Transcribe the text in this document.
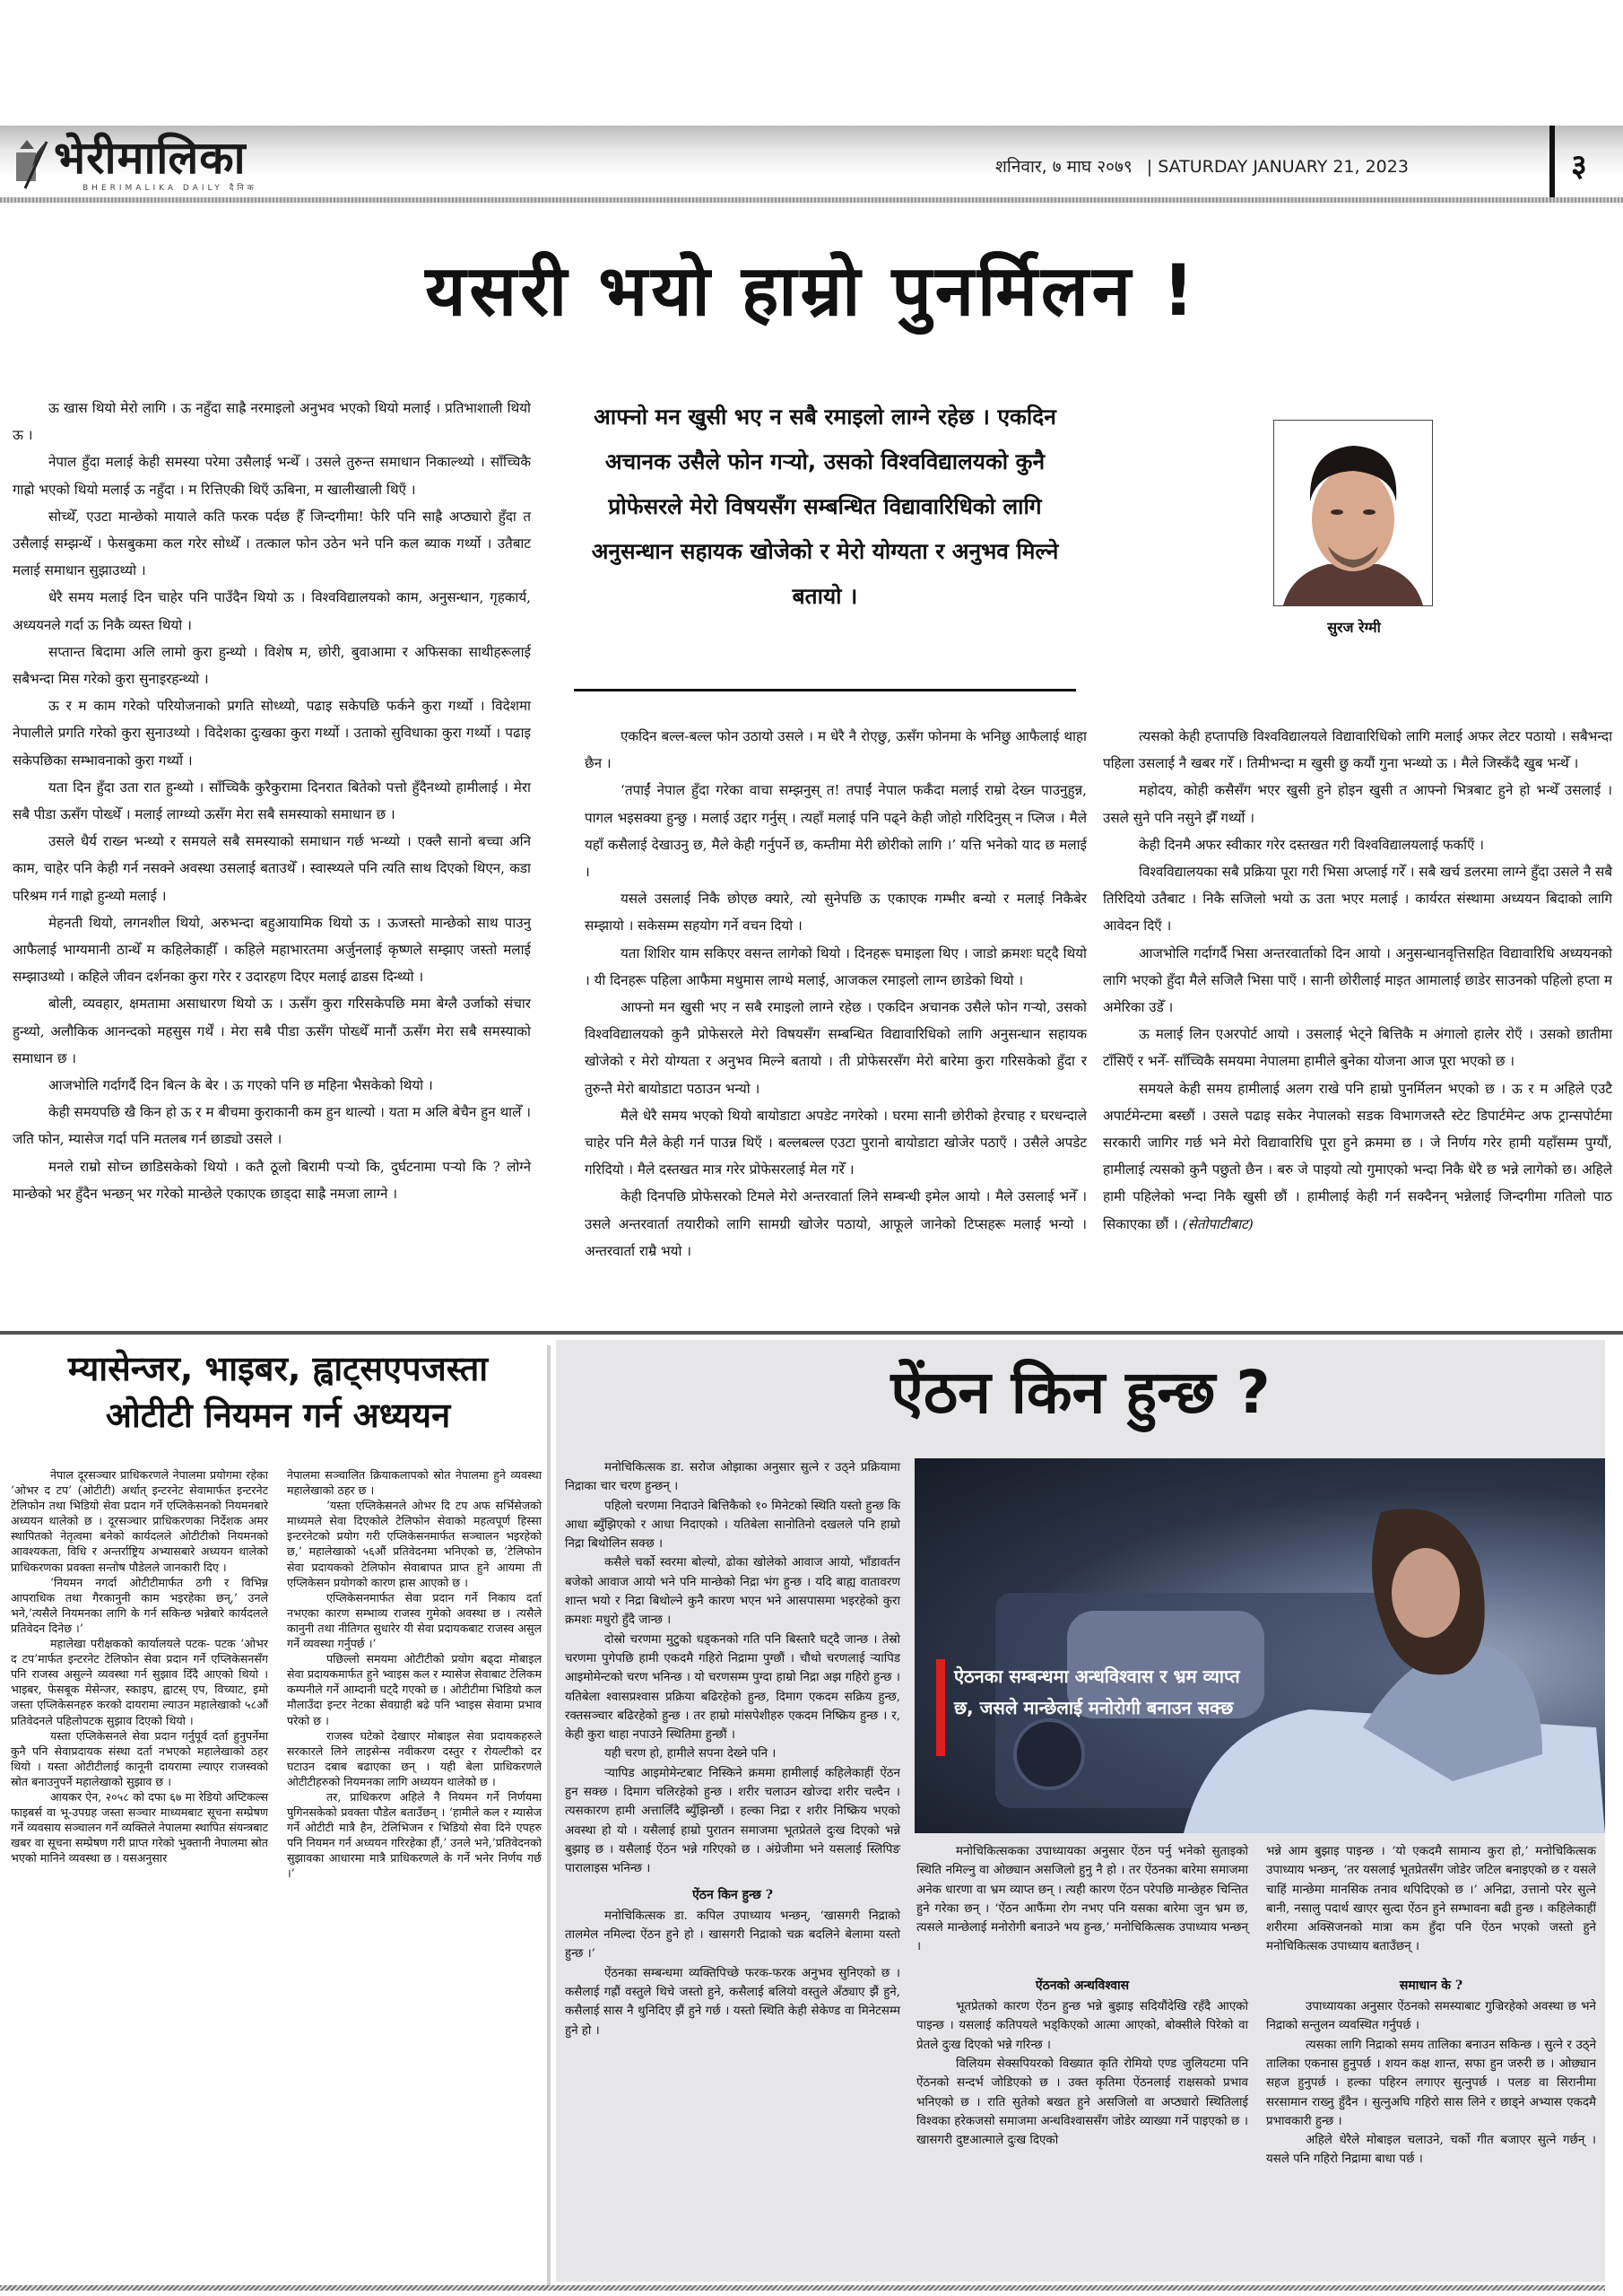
भेरीमालिका
BHERIMALIKA DAILY दैनिक
शनिवार, ७ माघ २०७९ | SATURDAY JANUARY 21, 2023	३
यसरी भयो हाम्रो पुनर्मिलन !

ऊ खास थियो मेरो लागि । ऊ नहुँदा साह्रै नरमाइलो अनुभव भएको थियो मलाई । प्रतिभाशाली थियो ऊ ।

नेपाल हुँदा मलाई केही समस्या परेमा उसैलाई भन्थेँ । उसले तुरुन्त समाधान निकाल्थ्यो । साँच्चिकै गाह्रो भएको थियो मलाई ऊ नहुँदा । म रित्तिएकी थिएँ ऊबिना, म खालीखाली थिएँ ।

सोच्थेँ, एउटा मान्छेको मायाले कति फरक पर्दछ हैँ जिन्दगीमा! फेरि पनि साह्रै अप्ठ्यारो हुँदा त उसैलाई सम्झन्थेँ । फेसबुकमा कल गरेर सोध्थेँ । तत्काल फोन उठेन भने पनि कल ब्याक गर्थ्यो । उतैबाट मलाई समाधान सुझाउथ्यो ।

धेरै समय मलाई दिन चाहेर पनि पाउँदैन थियो ऊ । विश्वविद्यालयको काम, अनुसन्धान, गृहकार्य, अध्ययनले गर्दा ऊ निकै व्यस्त थियो ।

सप्तान्त बिदामा अलि लामो कुरा हुन्थ्यो । विशेष म, छोरी, बुवाआमा र अफिसका साथीहरूलाई सबैभन्दा मिस गरेको कुरा सुनाइरहन्थ्यो ।

ऊ र म काम गरेको परियोजनाको प्रगति सोध्थ्यो, पढाइ सकेपछि फर्कने कुरा गर्थ्यो । विदेशमा नेपालीले प्रगति गरेको कुरा सुनाउथ्यो । विदेशका दुःखका कुरा गर्थ्यो । उताको सुविधाका कुरा गर्थ्यो । पढाइ सकेपछिका सम्भावनाको कुरा गर्थ्यो ।

यता दिन हुँदा उता रात हुन्थ्यो । साँच्चिकै कुरैकुरामा दिनरात बितेको पत्तो हुँदैनथ्यो हामीलाई । मेरा सबै पीडा ऊसँग पोख्थेँ । मलाई लाग्थ्यो ऊसँग मेरा सबै समस्याको समाधान छ ।

उसले धैर्य राख्न भन्थ्यो र समयले सबै समस्याको समाधान गर्छ भन्थ्यो । एक्लै सानो बच्चा अनि काम, चाहेर पनि केही गर्न नसक्ने अवस्था उसलाई बताउथेँ । स्वास्थ्यले पनि त्यति साथ दिएको थिएन, कडा परिश्रम गर्न गाह्रो हुन्थ्यो मलाई ।

मेहनती थियो, लगनशील थियो, अरुभन्दा बहुआयामिक थियो ऊ । ऊजस्तो मान्छेको साथ पाउनु आफैलाई भाग्यमानी ठान्थेँ म कहिलेकाहीँ । कहिले महाभारतमा अर्जुनलाई कृष्णले सम्झाए जस्तो मलाई सम्झाउथ्यो । कहिले जीवन दर्शनका कुरा गरेर र उदारहण दिएर मलाई ढाडस दिन्थ्यो ।

बोली, व्यवहार, क्षमतामा असाधारण थियो ऊ । ऊसँग कुरा गरिसकेपछि ममा बेग्लै उर्जाको संचार हुन्थ्यो, अलौकिक आनन्दको महसुस गर्थें । मेरा सबै पीडा ऊसँग पोख्थेँ मानौं ऊसँग मेरा सबै समस्याको समाधान छ ।

आजभोलि गर्दागर्दै दिन बित्न के बेर । ऊ गएको पनि छ महिना भैसकेको थियो ।

केही समयपछि खै किन हो ऊ र म बीचमा कुराकानी कम हुन थाल्यो । यता म अलि बेचैन हुन थालेँ । जति फोन, म्यासेज गर्दा पनि मतलब गर्न छाड्यो उसले ।

मनले राम्रो सोच्न छाडिसकेको थियो । कतै ठूलो बिरामी पर्‍यो कि, दुर्घटनामा पर्‍यो कि ? लोग्ने मान्छेको भर हुँदैन भन्छन् भर गरेको मान्छेले एकाएक छाड्दा साह्रै नमजा लाग्ने ।

आफ्नो मन खुसी भए न सबै रमाइलो लाग्ने रहेछ । एकदिन अचानक उसैले फोन गर्‍यो, उसको विश्वविद्यालयको कुनै प्रोफेसरले मेरो विषयसँग सम्बन्धित विद्यावारिधिको लागि अनुसन्धान सहायक खोजेको र मेरो योग्यता र अनुभव मिल्ने बतायो ।
सुरज रेग्मी

एकदिन बल्ल-बल्ल फोन उठायो उसले । म धेरै नै रोएछु, ऊसँग फोनमा के भनिछु आफैलाई थाहा छैन ।

‘तपाईं नेपाल हुँदा गरेका वाचा सम्झनुस् त! तपाईं नेपाल फर्कँदा मलाई राम्रो देख्न पाउनुहुन्न, पागल भइसक्या हुन्छु । मलाई उद्दार गर्नुस् । त्यहाँ मलाई पनि पढ्ने केही जोहो गरिदिनुस् न प्लिज । मैले यहाँ कसैलाई देखाउनु छ, मैले केही गर्नुपर्ने छ, कम्तीमा मेरी छोरीको लागि ।’ यत्ति भनेको याद छ मलाई ।

यसले उसलाई निकै छोएछ क्यारे, त्यो सुनेपछि ऊ एकाएक गम्भीर बन्यो र मलाई निकैबेर सम्झायो । सकेसम्म सहयोग गर्ने वचन दियो ।

यता शिशिर याम सकिएर वसन्त लागेको थियो । दिनहरू घमाइला थिए । जाडो क्रमशः घट्दै थियो । यी दिनहरू पहिला आफैमा मधुमास लाग्थे मलाई, आजकल रमाइलो लाग्न छाडेको थियो ।

आफ्नो मन खुसी भए न सबै रमाइलो लाग्ने रहेछ । एकदिन अचानक उसैले फोन गर्‍यो, उसको विश्वविद्यालयको कुनै प्रोफेसरले मेरो विषयसँग सम्बन्धित विद्यावारिधिको लागि अनुसन्धान सहायक खोजेको र मेरो योग्यता र अनुभव मिल्ने बतायो । ती प्रोफेसरसँग मेरो बारेमा कुरा गरिसकेको हुँदा र तुरुन्तै मेरो बायोडाटा पठाउन भन्यो ।

मैले धेरै समय भएको थियो बायोडाटा अपडेट नगरेको । घरमा सानी छोरीको हेरचाह र घरधन्दाले चाहेर पनि मैले केही गर्न पाउन्न थिएँ । बल्लबल्ल एउटा पुरानो बायोडाटा खोजेर पठाएँ । उसैले अपडेट गरिदियो । मैले दस्तखत मात्र गरेर प्रोफेसरलाई मेल गरेँ ।

केही दिनपछि प्रोफेसरको टिमले मेरो अन्तरवार्ता लिने सम्बन्धी इमेल आयो । मैले उसलाई भनेँ । उसले अन्तरवार्ता तयारीको लागि सामग्री खोजेर पठायो, आफूले जानेको टिप्सहरू मलाई भन्यो । अन्तरवार्ता राम्रै भयो ।

त्यसको केही हप्तापछि विश्वविद्यालयले विद्यावारिधिको लागि मलाई अफर लेटर पठायो । सबैभन्दा पहिला उसलाई नै खबर गरेँ । तिमीभन्दा म खुसी छु कयौं गुना भन्थ्यो ऊ । मैले जिस्कँदै खुब भन्थेँ ।

महोदय, कोही कसैसँग भएर खुसी हुने होइन खुसी त आफ्नो भित्रबाट हुने हो भन्थेँ उसलाई । उसले सुने पनि नसुने झैँ गर्थ्यो ।

केही दिनमै अफर स्वीकार गरेर दस्तखत गरी विश्वविद्यालयलाई फर्काएँ ।

विश्वविद्यालयका सबै प्रक्रिया पूरा गरी भिसा अप्लाई गरेँ । सबै खर्च डलरमा लाग्ने हुँदा उसले नै सबै तिरिदियो उतैबाट । निकै सजिलो भयो ऊ उता भएर मलाई । कार्यरत संस्थामा अध्ययन बिदाको लागि आवेदन दिएँ ।

आजभोलि गर्दागर्दै भिसा अन्तरवार्ताको दिन आयो । अनुसन्धानवृत्तिसहित विद्यावारिधि अध्ययनको लागि भएको हुँदा मैले सजिलै भिसा पाएँ । सानी छोरीलाई माइत आमालाई छाडेर साउनको पहिलो हप्ता म अमेरिका उडेँ ।

ऊ मलाई लिन एअरपोर्ट आयो । उसलाई भेट्ने बित्तिकै म अंगालो हालेर रोएँ । उसको छातीमा टाँसिएँ र भनेँ- साँच्चिकै समयमा नेपालमा हामीले बुनेका योजना आज पूरा भएको छ ।

समयले केही समय हामीलाई अलग राखे पनि हाम्रो पुनर्मिलन भएको छ । ऊ र म अहिले एउटै अपार्टमेन्टमा बस्छौं । उसले पढाइ सकेर नेपालको सडक विभागजस्तै स्टेट डिपार्टमेन्ट अफ ट्रान्सपोर्टमा सरकारी जागिर गर्छ भने मेरो विद्यावारिधि पूरा हुने क्रममा छ । जे निर्णय गरेर हामी यहाँसम्म पुग्यौं, हामीलाई त्यसको कुनै पछुतो छैन । बरु जे पाइयो त्यो गुमाएको भन्दा निकै धेरै छ भन्ने लागेको छ। अहिले हामी पहिलेको भन्दा निकै खुसी छौं । हामीलाई केही गर्न सक्दैनन् भन्नेलाई जिन्दगीमा गतिलो पाठ सिकाएका छौं । (सेतोपाटीबाट)

म्यासेन्जर, भाइबर, ह्वाट्सएपजस्ता
ओटीटी नियमन गर्न अध्ययन

नेपाल दूरसञ्चार प्राधिकरणले नेपालमा प्रयोगमा रहेका ‘ओभर द टप’ (ओटीटी) अर्थात् इन्टरनेट सेवामार्फत इन्टरनेट टेलिफोन तथा भिडियो सेवा प्रदान गर्ने एप्लिकेसनको नियमनबारे अध्ययन थालेको छ । दूरसञ्चार प्राधिकरणका निर्देशक अमर स्थापितको नेतृत्वमा बनेको कार्यदलले ओटीटीको नियमनको आवश्यकता, विधि र अन्तर्राष्ट्रिय अभ्यासबारे अध्ययन थालेको प्राधिकरणका प्रवक्ता सन्तोष पौडेलले जानकारी दिए ।

‘नियमन नगर्दा ओटीटीमार्फत ठगी र विभिन्न आपराधिक तथा गैरकानुनी काम भइरहेका छन्,’ उनले भने,’त्यसैले नियमनका लागि के गर्न सकिन्छ भन्नेबारे कार्यदलले प्रतिवेदन दिनेछ ।’

महालेखा परीक्षकको कार्यालयले पटक- पटक ‘ओभर द टप’मार्फत इन्टरनेट टेलिफोन सेवा प्रदान गर्ने एप्लिकेसनसँग पनि राजस्व असुल्ने व्यवस्था गर्न सुझाव दिँदै आएको थियो । भाइबर, फेसबूक मेसेन्जर, स्काइप, ह्वाटस् एप, विच्याट, इमो जस्ता एप्लिकेसनहरु करको दायरामा ल्याउन महालेखाको ५८औं प्रतिवेदनले पहिलोपटक सुझाव दिएको थियो ।

यस्ता एप्लिकेसनले सेवा प्रदान गर्नुपूर्व दर्ता हुनुपर्नेमा कुनै पनि सेवाप्रदायक संस्था दर्ता नभएको महालेखाको ठहर थियो । यस्ता ओटीटीलाई कानूनी दायरामा ल्याएर राजस्वको स्रोत बनाउनुपर्ने महालेखाको सुझाव छ ।

आयकर ऐन, २०५८ को दफा ६७ मा रेडियो अप्टिकल्स फाइबर्स वा भू-उपग्रह जस्ता सञ्चार माध्यमबाट सूचना सम्प्रेषण गर्ने व्यवसाय सञ्चालन गर्ने व्यक्तिले नेपालमा स्थापित संयन्त्रबाट खबर वा सूचना सम्प्रेषण गरी प्राप्त गरेको भुक्तानी नेपालमा स्रोत भएको मानिने व्यवस्था छ । यसअनुसार

नेपालमा सञ्चालित क्रियाकलापको स्रोत नेपालमा हुने व्यवस्था महालेखाको ठहर छ ।

‘यस्ता एप्लिकेसनले ओभर दि टप अफ सर्भिसेजको माध्यमले सेवा दिएकोले टेलिफोन सेवाको महत्वपूर्ण हिस्सा इन्टरनेटको प्रयोग गरी एप्लिकेसनमार्फत सञ्चालन भइरहेको छ,’ महालेखाको ५६औं प्रतिवेदनमा भनिएको छ, ‘टेलिफोन सेवा प्रदायकको टेलिफोन सेवाबापत प्राप्त हुने आयमा ती एप्लिकेसन प्रयोगको कारण ह्रास आएको छ ।

एप्लिकेसनमार्फत सेवा प्रदान गर्ने निकाय दर्ता नभएका कारण सम्भाव्य राजस्व गुमेको अवस्था छ । त्यसैले कानुनी तथा नीतिगत सुधारेर यी सेवा प्रदायकबाट राजस्व असुल गर्ने व्यवस्था गर्नुपर्छ ।’

पछिल्लो समयमा ओटीटीको प्रयोग बढ्दा मोबाइल सेवा प्रदायकमार्फत हुने भ्वाइस कल र म्यासेज सेवाबाट टेलिकम कम्पनीले गर्ने आम्दानी घट्दै गएको छ । ओटीटीमा भिडियो कल मौलाउँदा इन्टर नेटका सेवग्राही बढे पनि भ्वाइस सेवामा प्रभाव परेको छ ।

राजस्व घटेको देखाएर मोबाइल सेवा प्रदायकहरुले सरकारले लिने लाइसेन्स नवीकरण दस्तुर र रोयल्टीको दर घटाउन दबाब बढाएका छन् । यही बेला प्राधिकरणले ओटीटीहरुको नियमनका लागि अध्ययन थालेको छ ।

तर, प्राधिकरण अहिले नै नियमन गर्ने निर्णयमा पुगिनसकेको प्रवक्ता पौडेल बताउँछन् । ‘हामीले कल र म्यासेज गर्ने ओटीटी मात्रै हैन, टेलिभिजन र भिडियो सेवा दिने एपहरु पनि नियमन गर्न अध्ययन गरिरहेका हौं,’ उनले भने,’प्रतिवेदनको सुझावका आधारमा मात्रै प्राधिकरणले के गर्ने भनेर निर्णय गर्छ ।’

ऐंठन किन हुन्छ ?

मनोचिकित्सक डा. सरोज ओझाका अनुसार सुत्ने र उठ्ने प्रक्रियामा निद्राका चार चरण हुन्छन् ।

पहिलो चरणमा निदाउने बित्तिकैको १० मिनेटको स्थिति यस्तो हुन्छ कि आधा ब्युँझिएको र आधा निदाएको । यतिबेला सानोतिनो दखलले पनि हाम्रो निद्रा बिथोलिन सक्छ ।

कसैले चर्को स्वरमा बोल्यो, ढोका खोलेको आवाज आयो, भाँडावर्तन बजेको आवाज आयो भने पनि मान्छेको निद्रा भंग हुन्छ । यदि बाह्य वातावरण शान्त भयो र निद्रा बिथोल्ने कुनै कारण भएन भने आसपासमा भइरहेको कुरा क्रमशः मधुरो हुँदै जान्छ ।

दोस्रो चरणमा मुटुको धड्कनको गति पनि बिस्तारै घट्दै जान्छ । तेस्रो चरणमा पुगेपछि हामी एकदमै गहिरो निद्रामा पुग्छौं । चौथो चरणलाई र्‍यापिड आइमोमेन्टको चरण भनिन्छ । यो चरणसम्म पुग्दा हाम्रो निद्रा अझ गहिरो हुन्छ । यतिबेला श्वासप्रश्वास प्रक्रिया बढिरहेको हुन्छ, दिमाग एकदम सक्रिय हुन्छ, रक्तसञ्चार बढिरहेको हुन्छ । तर हाम्रो मांसपेशीहरु एकदम निष्क्रिय हुन्छ । र, केही कुरा थाहा नपाउने स्थितिमा हुन्छौं ।

यही चरण हो, हामीले सपना देख्ने पनि ।

र्‍यापिड आइमोमेन्टबाट निस्किने क्रममा हामीलाई कहिलेकाहीं ऐंठन हुन सक्छ । दिमाग चलिरहेको हुन्छ । शरीर चलाउन खोज्दा शरीर चल्दैन । त्यसकारण हामी अत्तालिँदै ब्युँझिन्छौं । हल्का निद्रा र शरीर निष्क्रिय भएको अवस्था हो यो । यसैलाई हाम्रो पुरातन समाजमा भूतप्रेतले दुःख दिएको भन्ने बुझाइ छ । यसैलाई ऐंठन भन्ने गरिएको छ । अंग्रेजीमा भने यसलाई स्लिपिङ पारालाइस भनिन्छ ।

ऐंठन किन हुन्छ ?

मनोचिकित्सक डा. कपिल उपाध्याय भन्छन्, ‘खासगरी निद्राको तालमेल नमिल्दा ऐंठन हुने हो । खासगरी निद्राको चक्र बदलिने बेलामा यस्तो हुन्छ ।’

ऐंठनका सम्बन्धमा व्यक्तिपिच्छे फरक-फरक अनुभव सुनिएको छ । कसैलाई गह्रौं वस्तुले थिचे जस्तो हुने, कसैलाई बलियो वस्तुले अँठ्याए झैं हुने, कसैलाई सास नै थुनिदिए झैं हुने गर्छ । यस्तो स्थिति केही सेकेण्ड वा मिनेटसम्म हुने हो ।

ऐठनका सम्बन्धमा अन्धविश्वास र भ्रम व्याप्त छ, जसले मान्छेलाई मनोरोगी बनाउन सक्छ

मनोचिकित्सकका उपाध्यायका अनुसार ऐंठन पर्नु भनेको सुताइको स्थिति नमिल्नु वा ओछ्यान असजिलो हुनु नै हो । तर ऐंठनका बारेमा समाजमा अनेक धारणा वा भ्रम व्याप्त छन् । त्यही कारण ऐंठन परेपछि मान्छेहरु चिन्तित हुने गरेका छन् । ‘ऐंठन आफैंमा रोग नभए पनि यसका बारेमा जुन भ्रम छ, त्यसले मान्छेलाई मनोरोगी बनाउने भय हुन्छ,’ मनोचिकित्सक उपाध्याय भन्छन् ।

ऐंठनको अन्धविश्वास

भूतप्रेतको कारण ऐंठन हुन्छ भन्ने बुझाइ सदियौंदेखि रहँदै आएको पाइन्छ । यसलाई कतिपयले भड्किएको आत्मा आएको, बोक्सीले पिरेको वा प्रेतले दुःख दिएको भन्ने गरिन्छ ।

विलियम सेक्सपियरको विख्यात कृति रोमियो एण्ड जुलियटमा पनि ऐंठनको सन्दर्भ जोडिएको छ । उक्त कृतिमा ऐंठनलाई राक्षसको प्रभाव भनिएको छ । राति सुतेको बखत हुने असजिलो वा अप्ठ्यारो स्थितिलाई विश्वका हरेकजसो समाजमा अन्धविश्वाससँग जोडेर व्याख्या गर्ने पाइएको छ । खासगरी दुष्टआत्माले दुःख दिएको

भन्ने आम बुझाइ पाइन्छ । ‘यो एकदमै सामान्य कुरा हो,’ मनोचिकित्सक उपाध्याय भन्छन्, ‘तर यसलाई भूतप्रेतसँग जोडेर जटिल बनाइएको छ र यसले चाहिं मान्छेमा मानसिक तनाव थपिदिएको छ ।’ अनिद्रा, उत्तानो परेर सुत्ने बानी, नसालु पदार्थ खाएर सुत्दा ऐंठन हुने सम्भावना बढी हुन्छ । कहिलेकाहीं शरीरमा अक्सिजनको मात्रा कम हुँदा पनि ऐंठन भएको जस्तो हुने मनोचिकित्सक उपाध्याय बताउँछन् ।

समाधान के ?

उपाध्यायका अनुसार ऐंठनको समस्याबाट गुज्रिरहेको अवस्था छ भने निद्राको सन्तुलन व्यवस्थित गर्नुपर्छ ।

त्यसका लागि निद्राको समय तालिका बनाउन सकिन्छ । सुत्ने र उठ्ने तालिका एकनास हुनुपर्छ । शयन कक्ष शान्त, सफा हुन जरुरी छ । ओछ्यान सहज हुनुपर्छ । हल्का पहिरन लगाएर सुत्नुपर्छ । पलङ वा सिरानीमा सरसामान राख्नु हुँदैन । सुत्नुअघि गहिरो सास लिने र छाड्ने अभ्यास एकदमै प्रभावकारी हुन्छ ।

अहिले धेरैले मोबाइल चलाउने, चर्को गीत बजाएर सुत्ने गर्छन् । यसले पनि गहिरो निद्रामा बाधा पर्छ ।
